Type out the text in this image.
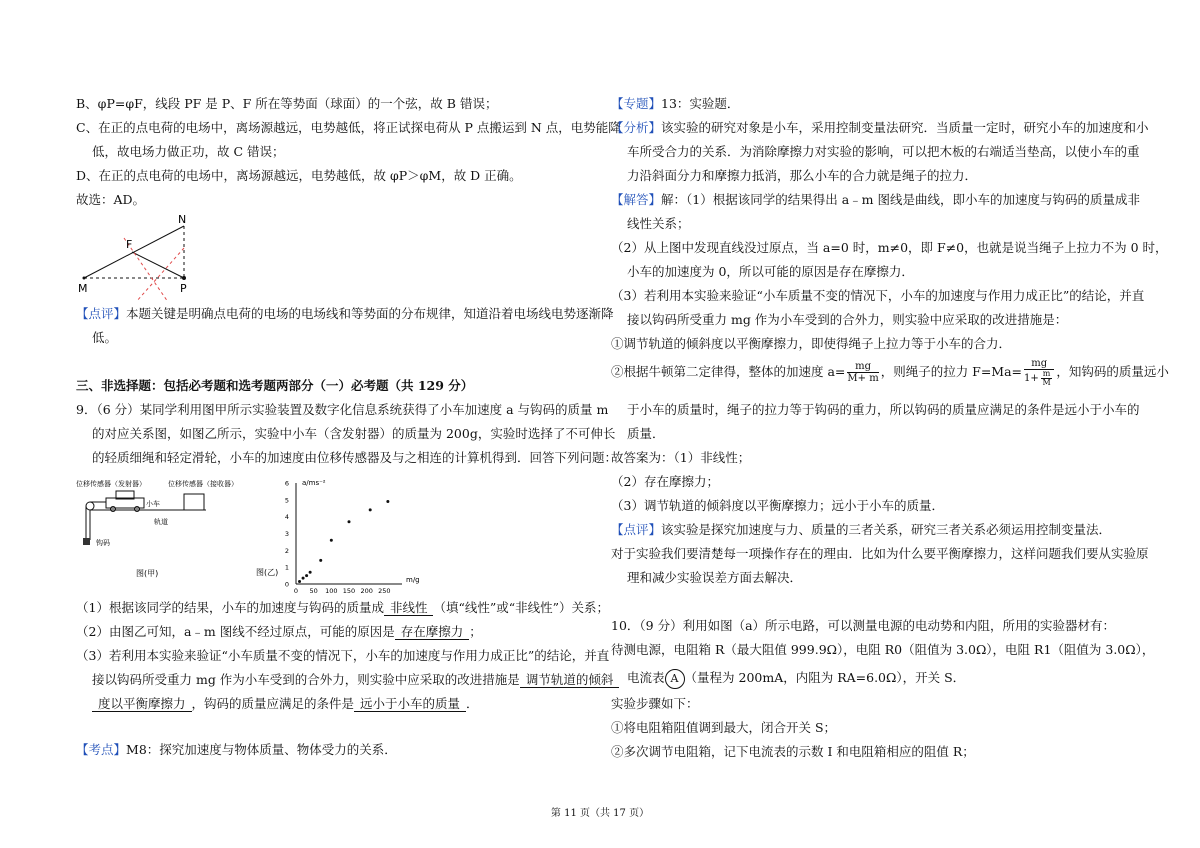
B、φP=φF，线段 PF 是 P、F 所在等势面（球面）的一个弦，故 B 错误；
C、在正的点电荷的电场中，离场源越远，电势越低，将正试探电荷从 P 点搬运到 N 点，电势能降
低，故电场力做正功，故 C 错误；
D、在正的点电荷的电场中，离场源越远，电势越低，故 φP＞φM，故 D 正确。
故选：AD。
N
F
M	P
【点评】本题关键是明确点电荷的电场的电场线和等势面的分布规律，知道沿着电场线电势逐渐降
低。
三、非选择题：包括必考题和选考题两部分（一）必考题（共 129 分）
9．（6 分）某同学利用图甲所示实验装置及数字化信息系统获得了小车加速度 a 与钩码的质量 m
的对应关系图，如图乙所示，实验中小车（含发射器）的质量为 200g，实验时选择了不可伸长
的轻质细绳和轻定滑轮，小车的加速度由位移传感器及与之相连的计算机得到．回答下列问题：
位移传感器（发射器）	位移传感器（接收器）
小车
轨道
钩码
图(甲)
a/ms⁻²
m/g
图(乙)
0
1
2
3
4
5
6
0 50 100 150 200 250
（1）根据该同学的结果，小车的加速度与钩码的质量成 非线性 （填“线性”或“非线性”）关系；
（2）由图乙可知，a﹣m 图线不经过原点，可能的原因是 存在摩擦力 ；
（3）若利用本实验来验证“小车质量不变的情况下，小车的加速度与作用力成正比”的结论，并直
接以钩码所受重力 mg 作为小车受到的合外力，则实验中应采取的改进措施是 调节轨道的倾斜
度以平衡摩擦力 ，钩码的质量应满足的条件是 远小于小车的质量 ．
【考点】M8：探究加速度与物体质量、物体受力的关系．
【专题】13：实验题．
【分析】该实验的研究对象是小车，采用控制变量法研究．当质量一定时，研究小车的加速度和小
车所受合力的关系．为消除摩擦力对实验的影响，可以把木板的右端适当垫高，以使小车的重
力沿斜面分力和摩擦力抵消，那么小车的合力就是绳子的拉力．
【解答】解：（1）根据该同学的结果得出 a﹣m 图线是曲线，即小车的加速度与钩码的质量成非
线性关系；
（2）从上图中发现直线没过原点，当 a=0 时，m≠0，即 F≠0，也就是说当绳子上拉力不为 0 时，
小车的加速度为 0，所以可能的原因是存在摩擦力．
（3）若利用本实验来验证“小车质量不变的情况下，小车的加速度与作用力成正比”的结论，并直
接以钩码所受重力 mg 作为小车受到的合外力，则实验中应采取的改进措施是：
①调节轨道的倾斜度以平衡摩擦力，即使得绳子上拉力等于小车的合力．
②根据牛顿第二定律得，整体的加速度 $a= \frac{mg}{M+ m}$ ，则绳子的拉力 $F=Ma= \frac{mg}{1+ \frac{m}{M}}$ ，知钩码的质量远小
于小车的质量时，绳子的拉力等于钩码的重力，所以钩码的质量应满足的条件是远小于小车的
质量．
故答案为：（1）非线性；
（2）存在摩擦力；
（3）调节轨道的倾斜度以平衡摩擦力；远小于小车的质量．
【点评】该实验是探究加速度与力、质量的三者关系，研究三者关系必须运用控制变量法．
对于实验我们要清楚每一项操作存在的理由．比如为什么要平衡摩擦力，这样问题我们要从实验原
理和减少实验误差方面去解决．
10．（9 分）利用如图（a）所示电路，可以测量电源的电动势和内阻，所用的实验器材有：
待测电源，电阻箱 R（最大阻值 999.9Ω），电阻 R0（阻值为 3.0Ω），电阻 R1（阻值为 3.0Ω），
电流表 A （量程为 200mA，内阻为 RA=6.0Ω），开关 S．
实验步骤如下：
①将电阻箱阻值调到最大，闭合开关 S；
②多次调节电阻箱，记下电流表的示数 I 和电阻箱相应的阻值 R；
第 11 页（共 17 页）
